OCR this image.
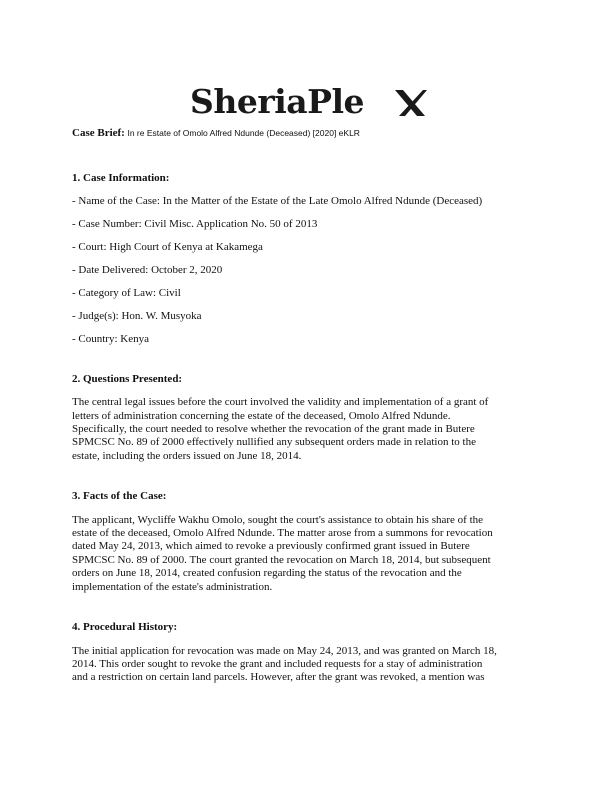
SheriaPle
Case Brief: In re Estate of Omolo Alfred Ndunde (Deceased) [2020] eKLR
1. Case Information:
- Name of the Case: In the Matter of the Estate of the Late Omolo Alfred Ndunde (Deceased)
- Case Number: Civil Misc. Application No. 50 of 2013
- Court: High Court of Kenya at Kakamega
- Date Delivered: October 2, 2020
- Category of Law: Civil
- Judge(s): Hon. W. Musyoka
- Country: Kenya
2. Questions Presented:
The central legal issues before the court involved the validity and implementation of a grant of
letters of administration concerning the estate of the deceased, Omolo Alfred Ndunde.
Specifically, the court needed to resolve whether the revocation of the grant made in Butere
SPMCSC No. 89 of 2000 effectively nullified any subsequent orders made in relation to the
estate, including the orders issued on June 18, 2014.
3. Facts of the Case:
The applicant, Wycliffe Wakhu Omolo, sought the court's assistance to obtain his share of the
estate of the deceased, Omolo Alfred Ndunde. The matter arose from a summons for revocation
dated May 24, 2013, which aimed to revoke a previously confirmed grant issued in Butere
SPMCSC No. 89 of 2000. The court granted the revocation on March 18, 2014, but subsequent
orders on June 18, 2014, created confusion regarding the status of the revocation and the
implementation of the estate's administration.
4. Procedural History:
The initial application for revocation was made on May 24, 2013, and was granted on March 18,
2014. This order sought to revoke the grant and included requests for a stay of administration
and a restriction on certain land parcels. However, after the grant was revoked, a mention was
